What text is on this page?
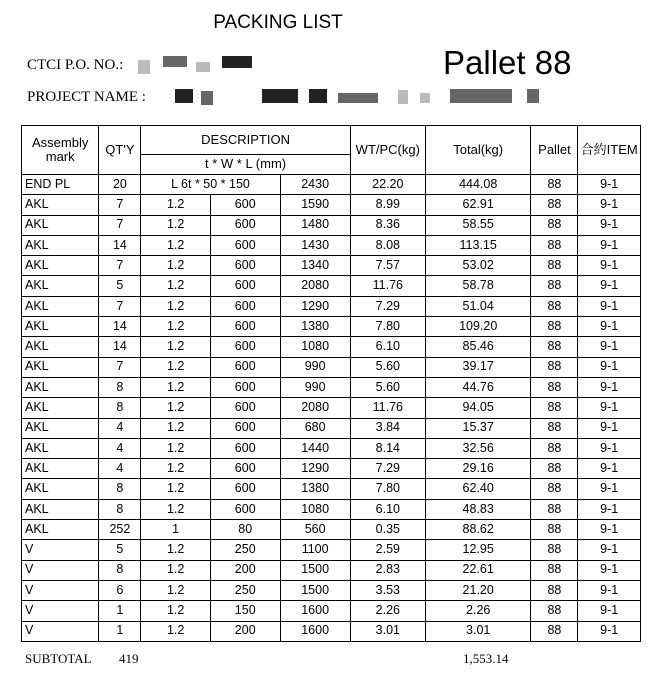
PACKING LIST
Pallet 88
CTCI P.O. NO.:
PROJECT NAME :
Assembly mark	QT'Y	DESCRIPTION			WT/PC(kg)	Total(kg)	Pallet	合約ITEM
		t * W * L (mm)						
END PL	20	L 6t * 50 * 150		2430	22.20	444.08	88	9-1
AKL	7	1.2	600	1590	8.99	62.91	88	9-1
AKL	7	1.2	600	1480	8.36	58.55	88	9-1
AKL	14	1.2	600	1430	8.08	113.15	88	9-1
AKL	7	1.2	600	1340	7.57	53.02	88	9-1
AKL	5	1.2	600	2080	11.76	58.78	88	9-1
AKL	7	1.2	600	1290	7.29	51.04	88	9-1
AKL	14	1.2	600	1380	7.80	109.20	88	9-1
AKL	14	1.2	600	1080	6.10	85.46	88	9-1
AKL	7	1.2	600	990	5.60	39.17	88	9-1
AKL	8	1.2	600	990	5.60	44.76	88	9-1
AKL	8	1.2	600	2080	11.76	94.05	88	9-1
AKL	4	1.2	600	680	3.84	15.37	88	9-1
AKL	4	1.2	600	1440	8.14	32.56	88	9-1
AKL	4	1.2	600	1290	7.29	29.16	88	9-1
AKL	8	1.2	600	1380	7.80	62.40	88	9-1
AKL	8	1.2	600	1080	6.10	48.83	88	9-1
AKL	252	1	80	560	0.35	88.62	88	9-1
V	5	1.2	250	1100	2.59	12.95	88	9-1
V	8	1.2	200	1500	2.83	22.61	88	9-1
V	6	1.2	250	1500	3.53	21.20	88	9-1
V	1	1.2	150	1600	2.26	2.26	88	9-1
V	1	1.2	200	1600	3.01	3.01	88	9-1
SUBTOTAL 419	1,553.14
